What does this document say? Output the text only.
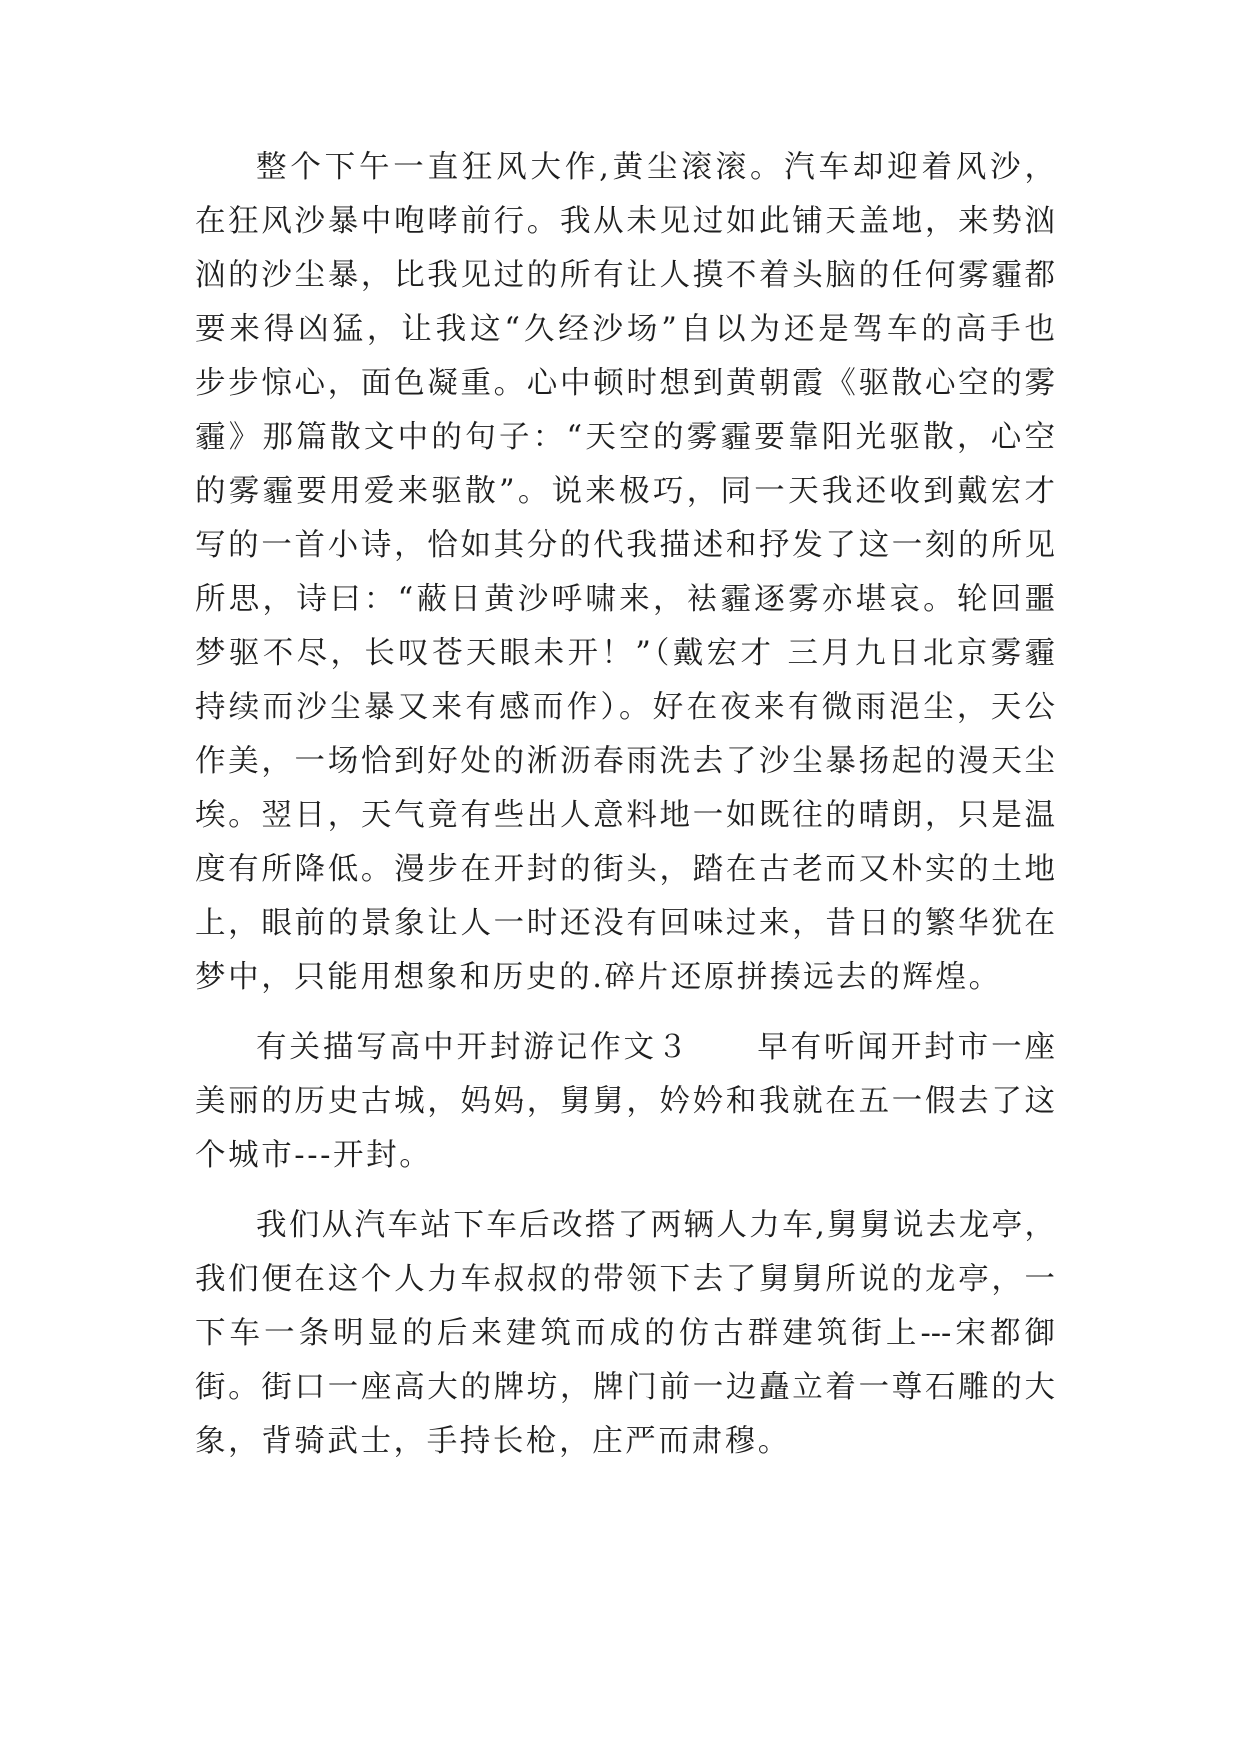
整个下午一直狂风大作,黄尘滚滚。汽车却迎着风沙，
在狂风沙暴中咆哮前行。我从未见过如此铺天盖地，来势汹
汹的沙尘暴，比我见过的所有让人摸不着头脑的任何雾霾都
要来得凶猛，让我这“久经沙场”自以为还是驾车的高手也
步步惊心，面色凝重。心中顿时想到黄朝霞《驱散心空的雾
霾》那篇散文中的句子：“天空的雾霾要靠阳光驱散，心空
的雾霾要用爱来驱散”。说来极巧，同一天我还收到戴宏才
写的一首小诗，恰如其分的代我描述和抒发了这一刻的所见
所思，诗曰：“蔽日黄沙呼啸来，袪霾逐雾亦堪哀。轮回噩
梦驱不尽，长叹苍天眼未开！”（戴宏才 三月九日北京雾霾
持续而沙尘暴又来有感而作）。好在夜来有微雨浥尘，天公
作美，一场恰到好处的淅沥春雨洗去了沙尘暴扬起的漫天尘
埃。翌日，天气竟有些出人意料地一如既往的晴朗，只是温
度有所降低。漫步在开封的街头，踏在古老而又朴实的土地
上，眼前的景象让人一时还没有回味过来，昔日的繁华犹在
梦中，只能用想象和历史的.碎片还原拼揍远去的辉煌。
有关描写高中开封游记作文３　　早有听闻开封市一座
美丽的历史古城，妈妈，舅舅，妗妗和我就在五一假去了这
个城市---开封。
我们从汽车站下车后改搭了两辆人力车,舅舅说去龙亭，
我们便在这个人力车叔叔的带领下去了舅舅所说的龙亭，一
下车一条明显的后来建筑而成的仿古群建筑街上---宋都御
街。街口一座高大的牌坊，牌门前一边矗立着一尊石雕的大
象，背骑武士，手持长枪，庄严而肃穆。
